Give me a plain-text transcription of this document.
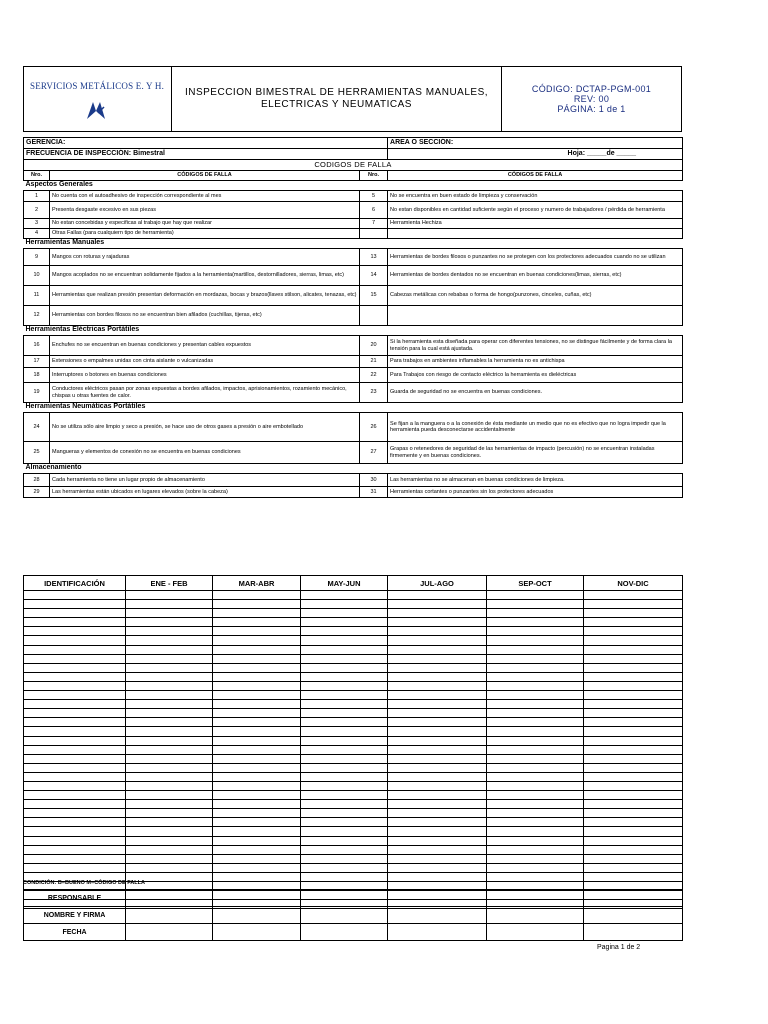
SERVICIOS METÁLICOS E. Y H.
INSPECCION BIMESTRAL DE HERRAMIENTAS MANUALES,
ELECTRICAS Y NEUMATICAS
CÓDIGO: DCTAP-PGM-001
REV: 00
PÁGINA: 1 de 1
GERENCIA:			AREA O SECCIÓN:
FRECUENCIA DE INSPECCIÓN: Bimestral			Hoja: _____de _____
CODIGOS DE FALLA			
Nro.	CÓDIGOS DE FALLA	Nro.	CÓDIGOS DE FALLA
Aspectos Generales			
1	No cuenta con el autoadhesivo de inspección correspondiente al mes	5	No se encuentra en buen estado de limpieza y conservación
2	Presenta desgaste excesivo en sus piezas	6	No estan disponibles en cantidad suficiente según el proceso y numero de trabajadores / pérdida de herramienta
3	No estan concebidas y especificas al trabajo que hay que realizar	7	Herramienta Hechiza
4	Otras Fallas (para cualquiern tipo de herramienta)		
Herramientas Manuales			
9	Mangos con roturas y rajaduras	13	Herramientas de bordes filosos o punzantes no se protegen con los protectores adecuados cuando no se utilizan
10	Mangos acoplados no se encuentran solidamente fijados a la herramienta(martillos, destornilladores, sierras, limas, etc)	14	Herramientas de bordes dentados no se encuentran en buenas condiciones(limas, sierras, etc)
11	Herramientas que realizan presión presentan deformación en mordazas, bocas y brazos(llaves stilson, alicates, tenazas, etc)	15	Cabezas metálicas con rebabas o forma de hongo(punzones, cinceles, cuñas, etc)
12	Herramientas con bordes filosos no se encuentran bien afilados (cuchillas, tijeras, etc)		
Herramientas Eléctricas Portátiles			
16	Enchufes no se encuentran en buenas condiciones y presentan cables expuestos	20	Si la herramienta esta diseñada para operar con diferentes tensiones, no se distingue fácilmente y de forma clara la tensión para la cual está ajustada.
17	Extensiones o empalmes unidas con cinta aislante o vulcanizadas	21	Para trabajos en ambientes inflamables la herramienta no es antichispa
18	Interruptores o botones en buenas condiciones	22	Para Trabajos con riesgo de contacto eléctrico la herramienta es dieléctricas
19	Conductores eléctricos pasan por zonas expuestas a bordes afilados, impactos, aprisionamientos, rozamiento mecánico, chispas u otras fuentes de calor.	23	Guarda de seguridad no se encuentra en buenas condiciones.
Herramientas Neumáticas Portátiles			
24	No se utiliza sólo aire limpio y seco a presión, se hace uso de otros gases a presión o aire embotellado	26	Se fijan a la manguera o a la conexión de ésta mediante un medio que no es efectivo que no logra impedir que la herramienta pueda desconectarse accidentalmente
25	Mangueras y elementos de conexión no se encuentra en buenas condiciones	27	Grapas o retenedores de seguridad de las herramientas de impacto (percusión) no se encuentran instaladas firmemente y en buenas condiciones.
Almacenamiento			
28	Cada herramienta no tiene un lugar propio de almacenamiento	30	Las herramientas no se almacenan en buenas condiciones de limpieza.
29	Las herramientas están ubicados en lugares elevados (sobre la cabeza)	31	Herramientas cortantes o punzantes sin los protectores adecuados
IDENTIFICACIÓN	ENE - FEB	MAR-ABR	MAY-JUN	JUL-AGO	SEP-OCT	NOV-DIC

CONDICIÓN: B=BUENO M=CÓDIGO DE FALLA
RESPONSABLE						
NOMBRE Y FIRMA						
FECHA						
Pagina 1 de 2
